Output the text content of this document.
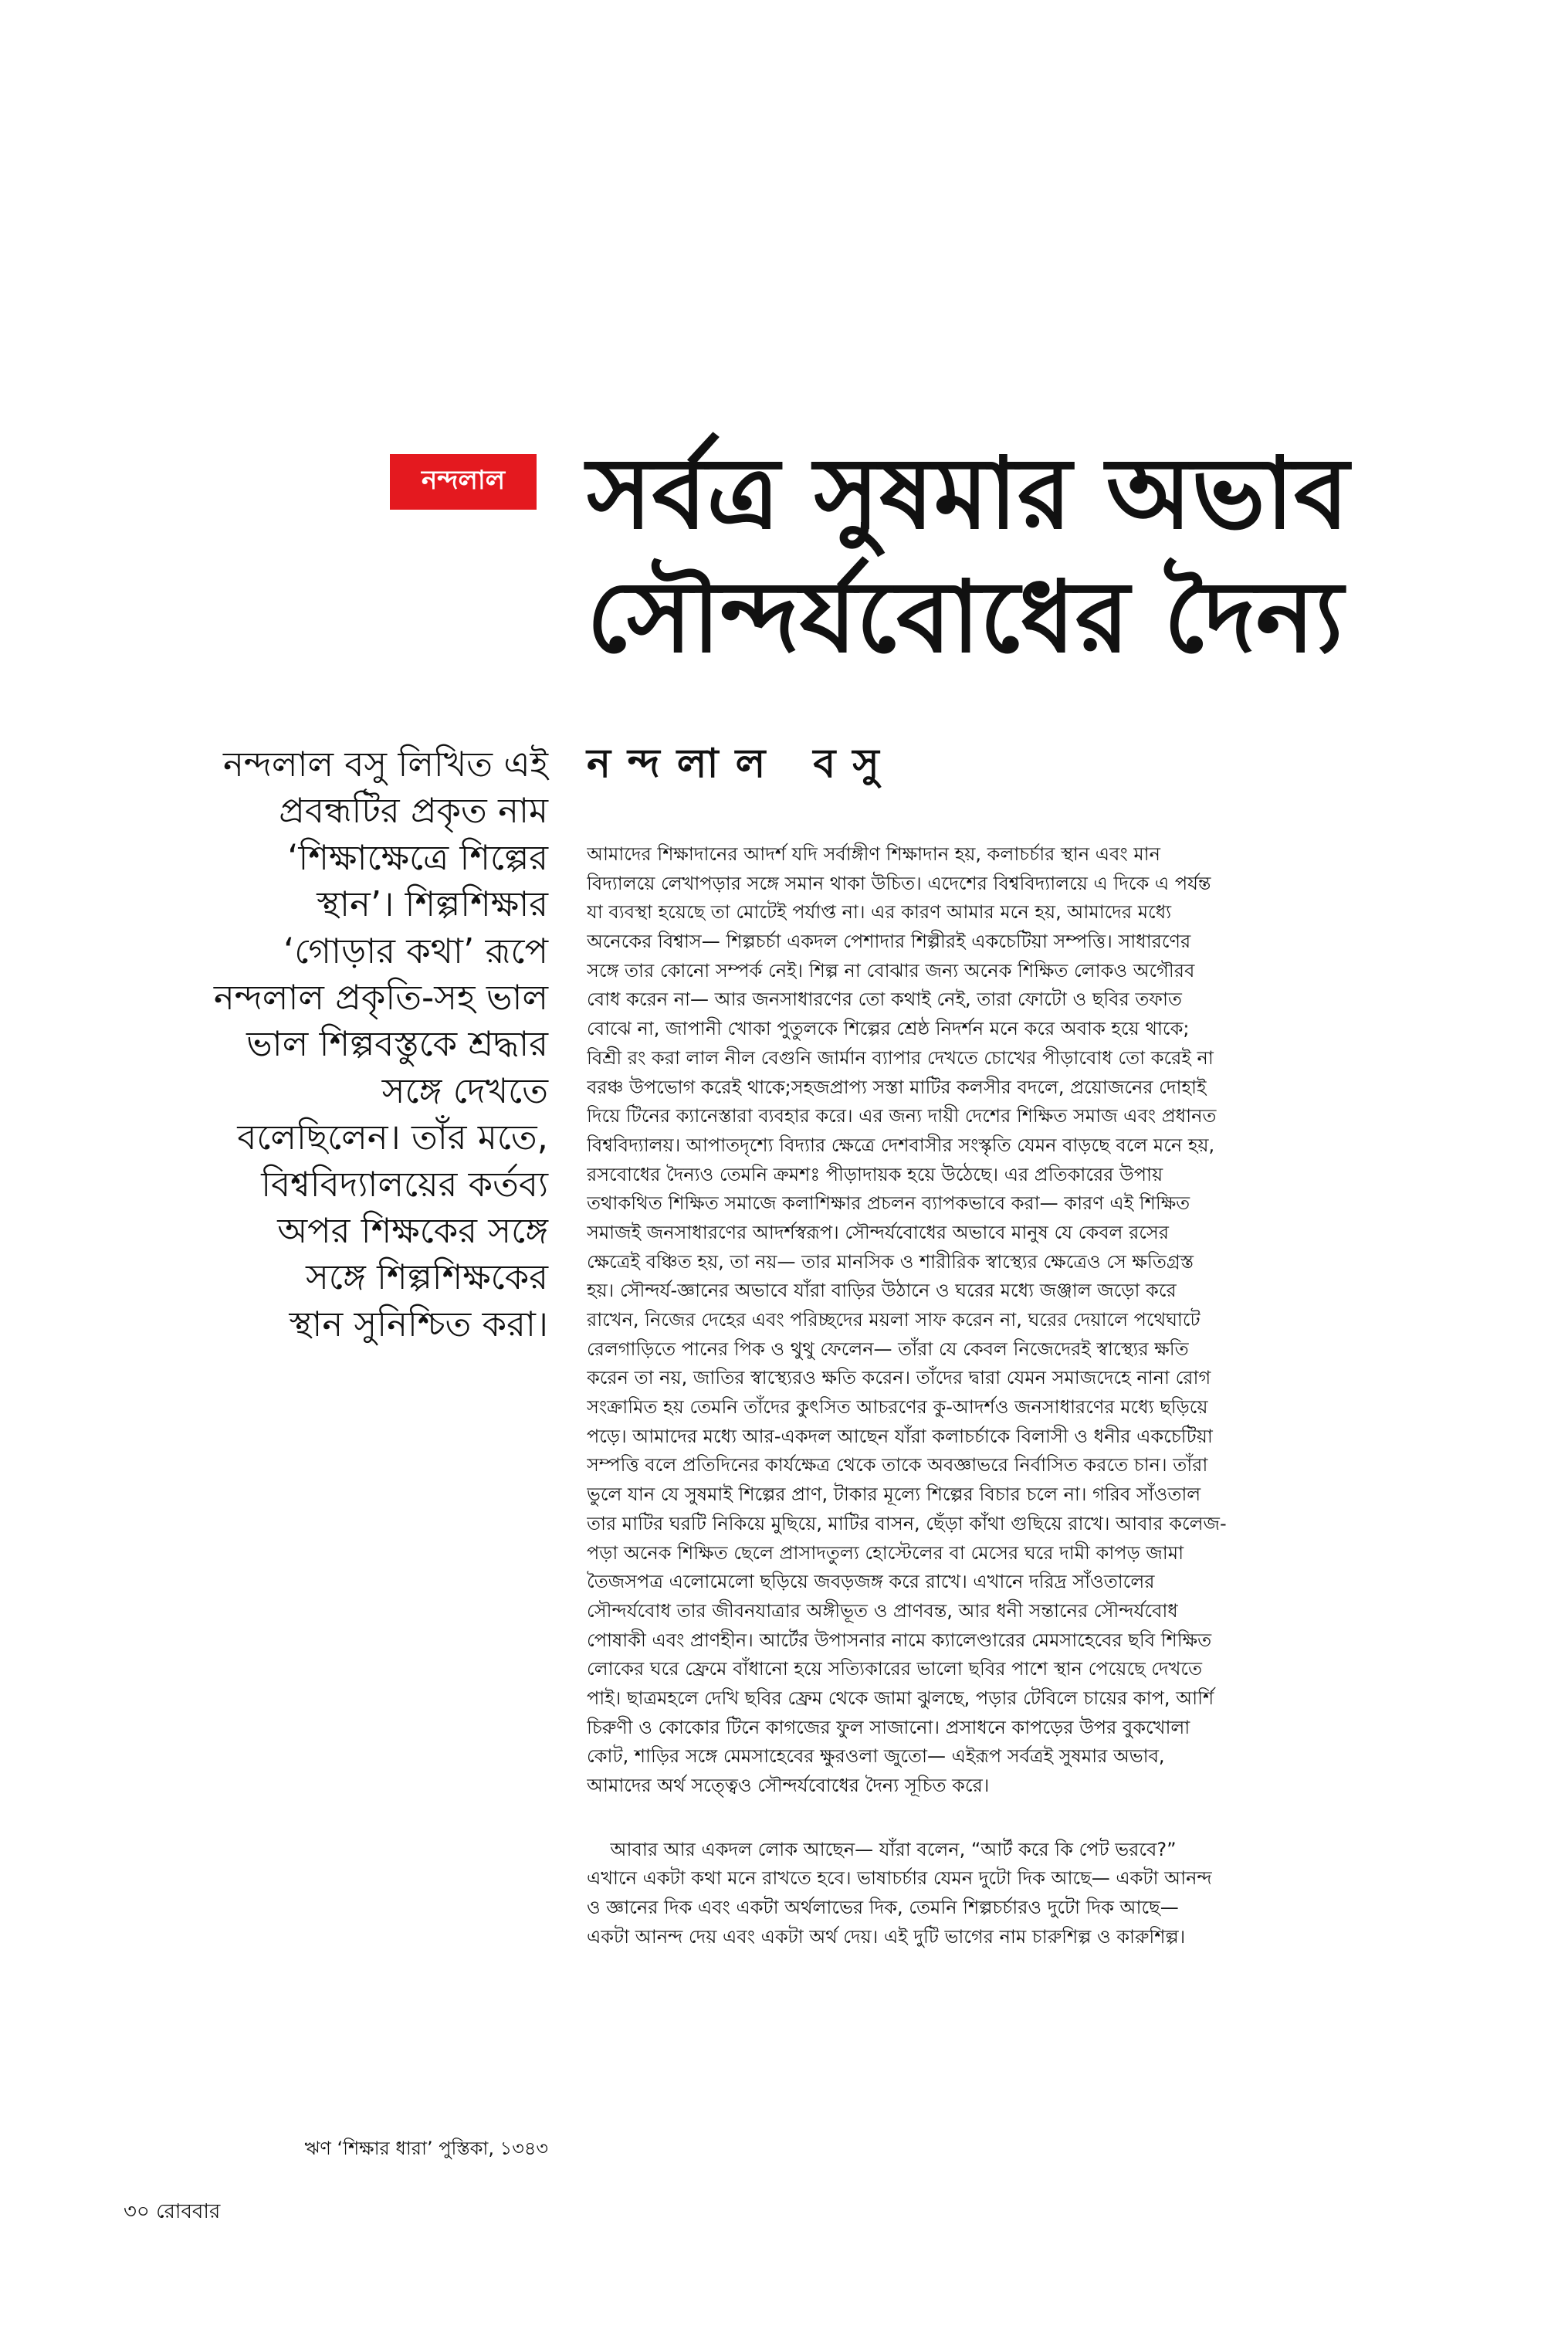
নন্দলাল সর্বত্র সুষমার অভাব
সৌন্দর্যবোধের দৈন্য
নন্দলাল বসু
নন্দলাল বসু লিখিত এই
প্রবন্ধটির প্রকৃত নাম
‘শিক্ষাক্ষেত্রে শিল্পের
স্থান’। শিল্পশিক্ষার
‘গোড়ার কথা’ রূপে
নন্দলাল প্রকৃতি-সহ ভাল
ভাল শিল্পবস্তুকে শ্রদ্ধার
সঙ্গে দেখতে
বলেছিলেন। তাঁর মতে,
বিশ্ববিদ্যালয়ের কর্তব্য
অপর শিক্ষকের সঙ্গে
সঙ্গে শিল্পশিক্ষকের
স্থান সুনিশ্চিত করা।
আমাদের শিক্ষাদানের আদর্শ যদি সর্বাঙ্গীণ শিক্ষাদান হয়, কলাচর্চার স্থান এবং মান
বিদ্যালয়ে লেখাপড়ার সঙ্গে সমান থাকা উচিত। এদেশের বিশ্ববিদ্যালয়ে এ দিকে এ পর্যন্ত
যা ব্যবস্থা হয়েছে তা মোটেই পর্যাপ্ত না। এর কারণ আমার মনে হয়, আমাদের মধ্যে
অনেকের বিশ্বাস— শিল্পচর্চা একদল পেশাদার শিল্পীরই একচেটিয়া সম্পত্তি। সাধারণের
সঙ্গে তার কোনো সম্পর্ক নেই। শিল্প না বোঝার জন্য অনেক শিক্ষিত লোকও অগৌরব
বোধ করেন না— আর জনসাধারণের তো কথাই নেই, তারা ফোটো ও ছবির তফাত
বোঝে না, জাপানী খোকা পুতুলকে শিল্পের শ্রেষ্ঠ নিদর্শন মনে করে অবাক হয়ে থাকে;
বিশ্রী রং করা লাল নীল বেগুনি জার্মান ব্যাপার দেখতে চোখের পীড়াবোধ তো করেই না
বরঞ্চ উপভোগ করেই থাকে;সহজপ্রাপ্য সস্তা মাটির কলসীর বদলে, প্রয়োজনের দোহাই
দিয়ে টিনের ক্যানেস্তারা ব্যবহার করে। এর জন্য দায়ী দেশের শিক্ষিত সমাজ এবং প্রধানত
বিশ্ববিদ্যালয়। আপাতদৃশ্যে বিদ্যার ক্ষেত্রে দেশবাসীর সংস্কৃতি যেমন বাড়ছে বলে মনে হয়,
রসবোধের দৈন্যও তেমনি ক্রমশঃ পীড়াদায়ক হয়ে উঠেছে। এর প্রতিকারের উপায়
তথাকথিত শিক্ষিত সমাজে কলাশিক্ষার প্রচলন ব্যাপকভাবে করা— কারণ এই শিক্ষিত
সমাজই জনসাধারণের আদর্শস্বরূপ। সৌন্দর্যবোধের অভাবে মানুষ যে কেবল রসের
ক্ষেত্রেই বঞ্চিত হয়, তা নয়— তার মানসিক ও শারীরিক স্বাস্থ্যের ক্ষেত্রেও সে ক্ষতিগ্রস্ত
হয়। সৌন্দর্য-জ্ঞানের অভাবে যাঁরা বাড়ির উঠানে ও ঘরের মধ্যে জঞ্জাল জড়ো করে
রাখেন, নিজের দেহের এবং পরিচ্ছদের ময়লা সাফ করেন না, ঘরের দেয়ালে পথেঘাটে
রেলগাড়িতে পানের পিক ও থুথু ফেলেন— তাঁরা যে কেবল নিজেদেরই স্বাস্থ্যের ক্ষতি
করেন তা নয়, জাতির স্বাস্থ্যেরও ক্ষতি করেন। তাঁদের দ্বারা যেমন সমাজদেহে নানা রোগ
সংক্রামিত হয় তেমনি তাঁদের কুৎসিত আচরণের কু-আদর্শও জনসাধারণের মধ্যে ছড়িয়ে
পড়ে। আমাদের মধ্যে আর-একদল আছেন যাঁরা কলাচর্চাকে বিলাসী ও ধনীর একচেটিয়া
সম্পত্তি বলে প্রতিদিনের কার্যক্ষেত্র থেকে তাকে অবজ্ঞাভরে নির্বাসিত করতে চান। তাঁরা
ভুলে যান যে সুষমাই শিল্পের প্রাণ, টাকার মূল্যে শিল্পের বিচার চলে না। গরিব সাঁওতাল
তার মাটির ঘরটি নিকিয়ে মুছিয়ে, মাটির বাসন, ছেঁড়া কাঁথা গুছিয়ে রাখে। আবার কলেজ-
পড়া অনেক শিক্ষিত ছেলে প্রাসাদতুল্য হোস্টেলের বা মেসের ঘরে দামী কাপড় জামা
তৈজসপত্র এলোমেলো ছড়িয়ে জবড়জঙ্গ করে রাখে। এখানে দরিদ্র সাঁওতালের
সৌন্দর্যবোধ তার জীবনযাত্রার অঙ্গীভূত ও প্রাণবন্ত, আর ধনী সন্তানের সৌন্দর্যবোধ
পোষাকী এবং প্রাণহীন। আর্টের উপাসনার নামে ক্যালেণ্ডারের মেমসাহেবের ছবি শিক্ষিত
লোকের ঘরে ফ্রেমে বাঁধানো হয়ে সত্যিকারের ভালো ছবির পাশে স্থান পেয়েছে দেখতে
পাই। ছাত্রমহলে দেখি ছবির ফ্রেম থেকে জামা ঝুলছে, পড়ার টেবিলে চায়ের কাপ, আর্শি
চিরুণী ও কোকোর টিনে কাগজের ফুল সাজানো। প্রসাধনে কাপড়ের উপর বুকখোলা
কোট, শাড়ির সঙ্গে মেমসাহেবের ক্ষুরওলা জুতো— এইরূপ সর্বত্রই সুষমার অভাব,
আমাদের অর্থ সত্ত্বেও সৌন্দর্যবোধের দৈন্য সূচিত করে।
আবার আর একদল লোক আছেন— যাঁরা বলেন, “আর্ট করে কি পেট ভরবে?”
এখানে একটা কথা মনে রাখতে হবে। ভাষাচর্চার যেমন দুটো দিক আছে— একটা আনন্দ
ও জ্ঞানের দিক এবং একটা অর্থলাভের দিক, তেমনি শিল্পচর্চারও দুটো দিক আছে—
একটা আনন্দ দেয় এবং একটা অর্থ দেয়। এই দুটি ভাগের নাম চারুশিল্প ও কারুশিল্প।
ঋণ ‘শিক্ষার ধারা’ পুস্তিকা, ১৩৪৩
৩০ রোববার
